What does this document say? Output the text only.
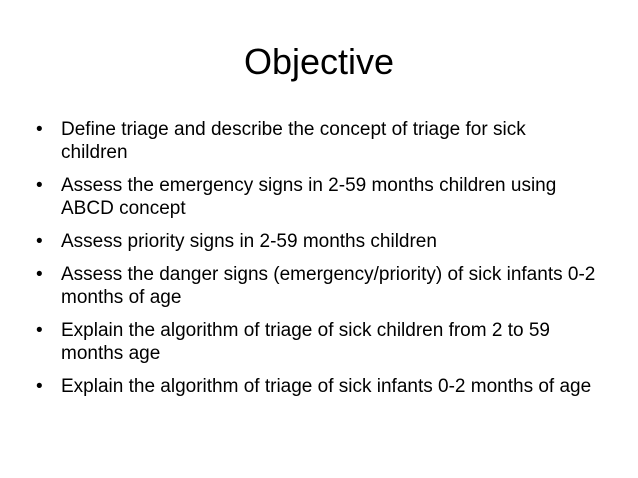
Objective
• Define triage and describe the concept of triage for sick children
• Assess the emergency signs in 2-59 months children using ABCD concept
• Assess priority signs in 2-59 months children
• Assess the danger signs (emergency/priority) of sick infants 0-2 months of age
• Explain the algorithm of triage of sick children from 2 to 59 months age
• Explain the algorithm of triage of sick infants 0-2 months of age
